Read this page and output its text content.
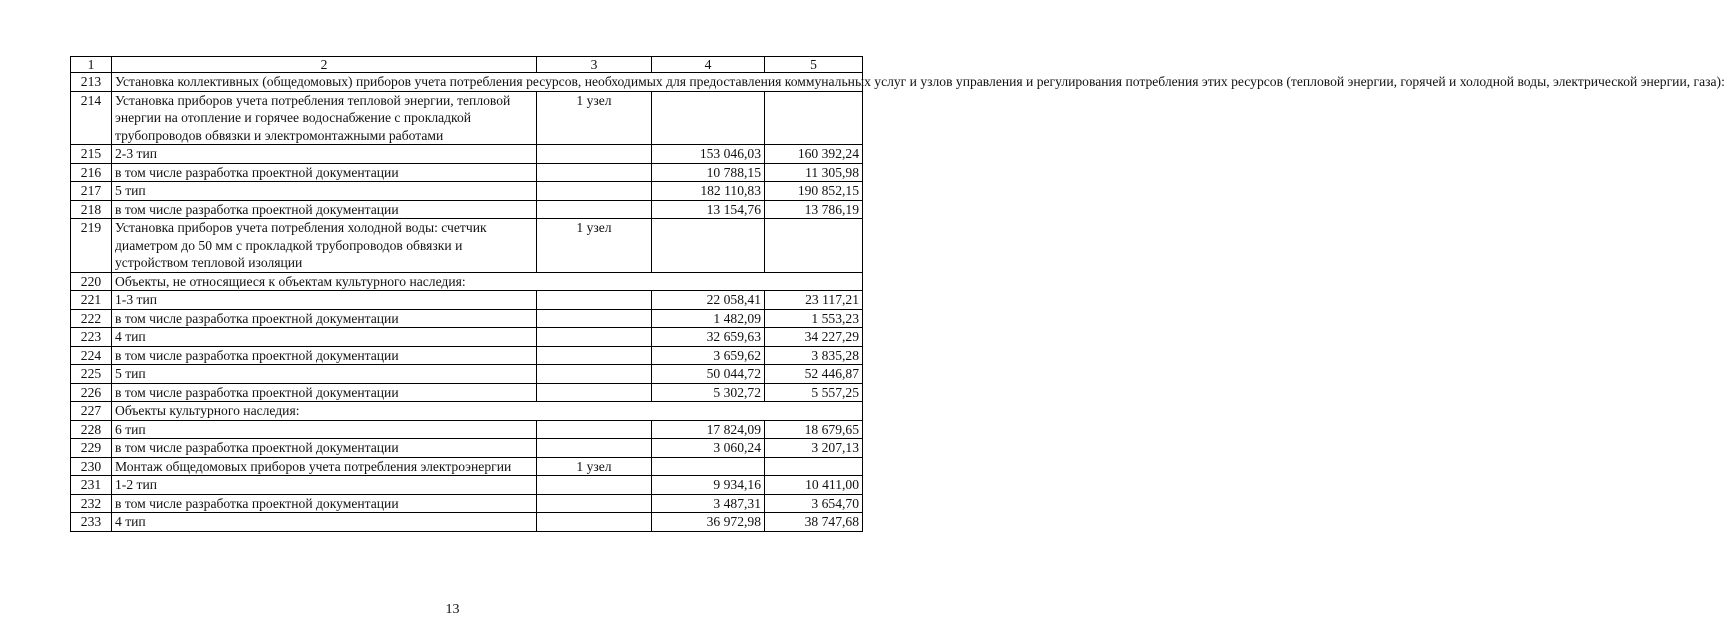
1	2	3	4	5
213	Установка коллективных (общедомовых) приборов учета потребления ресурсов, необходимых для предоставления коммунальных услуг и узлов управления и регулирования потребления этих ресурсов (тепловой энергии, горячей и холодной воды, электрической энергии, газа):			
214	Установка приборов учета потребления тепловой энергии, тепловой энергии на отопление и горячее водоснабжение с прокладкой трубопроводов обвязки и электромонтажными работами	1 узел		
215	2-3 тип		153 046,03	160 392,24
216	в том числе разработка проектной документации		10 788,15	11 305,98
217	5 тип		182 110,83	190 852,15
218	в том числе разработка проектной документации		13 154,76	13 786,19
219	Установка приборов учета потребления холодной воды: счетчик диаметром до 50 мм с прокладкой трубопроводов обвязки и устройством тепловой изоляции	1 узел		
220	Объекты, не относящиеся к объектам культурного наследия:			
221	1-3 тип		22 058,41	23 117,21
222	в том числе разработка проектной документации		1 482,09	1 553,23
223	4 тип		32 659,63	34 227,29
224	в том числе разработка проектной документации		3 659,62	3 835,28
225	5 тип		50 044,72	52 446,87
226	в том числе разработка проектной документации		5 302,72	5 557,25
227	Объекты культурного наследия:			
228	6 тип		17 824,09	18 679,65
229	в том числе разработка проектной документации		3 060,24	3 207,13
230	Монтаж общедомовых приборов учета потребления электроэнергии	1 узел		
231	1-2 тип		9 934,16	10 411,00
232	в том числе разработка проектной документации		3 487,31	3 654,70
233	4 тип		36 972,98	38 747,68
13
